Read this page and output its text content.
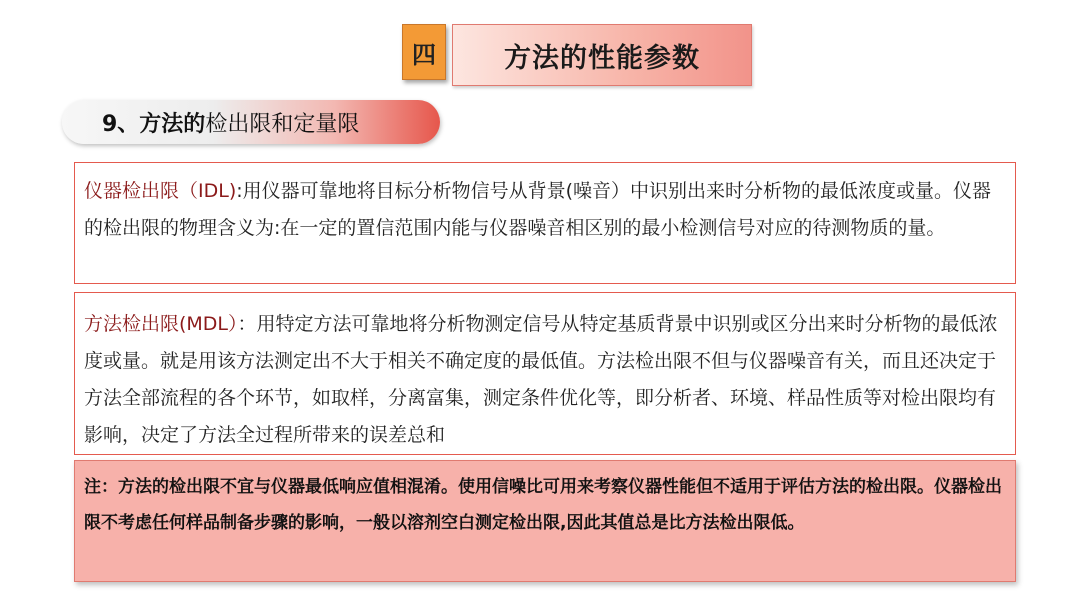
四	方法的性能参数
9、方法的 检出限和定量限
仪器检出限（IDL):用仪器可靠地将目标分析物信号从背景(噪音）中识别出来时分析物的最低浓度或量。仪器的检出限的物理含义为:在一定的置信范围内能与仪器噪音相区别的最小检测信号对应的待测物质的量。
方法检出限(MDL）：用特定方法可靠地将分析物测定信号从特定基质背景中识别或区分出来时分析物的最低浓度或量。就是用该方法测定出不大于相关不确定度的最低值。方法检出限不但与仪器噪音有关，而且还决定于方法全部流程的各个环节，如取样，分离富集，测定条件优化等，即分析者、环境、样品性质等对检出限均有影响，决定了方法全过程所带来的误差总和
注：方法的检出限不宜与仪器最低响应值相混淆。使用信噪比可用来考察仪器性能但不适用于评估方法的检出限。仪器检出限不考虑任何样品制备步骤的影响，一般以溶剂空白测定检出限,因此其值总是比方法检出限低。
